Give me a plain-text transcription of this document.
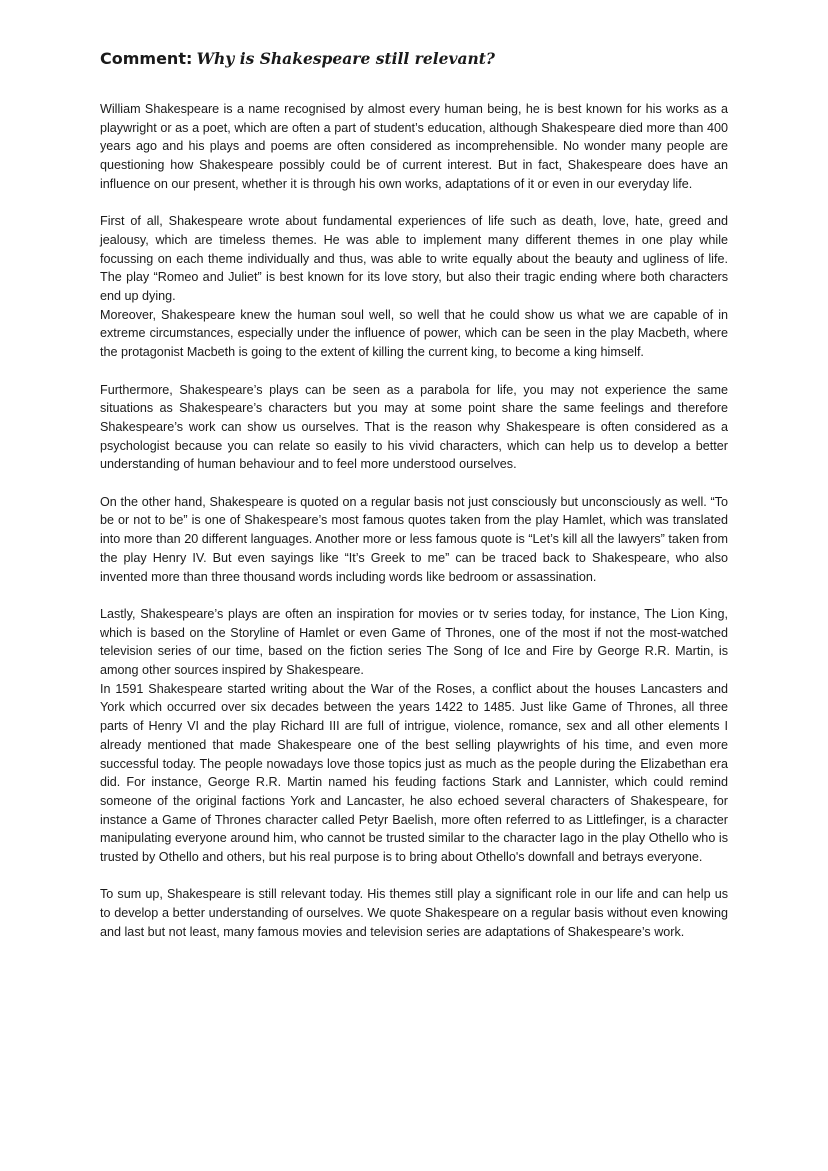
Comment: Why is Shakespeare still relevant?

William Shakespeare is a name recognised by almost every human being, he is best known for his works as a playwright or as a poet, which are often a part of student’s education, although Shakespeare died more than 400 years ago and his plays and poems are often considered as incomprehensible. No wonder many people are questioning how Shakespeare possibly could be of current interest. But in fact, Shakespeare does have an influence on our present, whether it is through his own works, adaptations of it or even in our everyday life.

First of all, Shakespeare wrote about fundamental experiences of life such as death, love, hate, greed and jealousy, which are timeless themes. He was able to implement many different themes in one play while focussing on each theme individually and thus, was able to write equally about the beauty and ugliness of life. The play “Romeo and Juliet” is best known for its love story, but also their tragic ending where both characters end up dying.

Moreover, Shakespeare knew the human soul well, so well that he could show us what we are capable of in extreme circumstances, especially under the influence of power, which can be seen in the play Macbeth, where the protagonist Macbeth is going to the extent of killing the current king, to become a king himself.

Furthermore, Shakespeare’s plays can be seen as a parabola for life, you may not experience the same situations as Shakespeare’s characters but you may at some point share the same feelings and therefore Shakespeare’s work can show us ourselves. That is the reason why Shakespeare is often considered as a psychologist because you can relate so easily to his vivid characters, which can help us to develop a better understanding of human behaviour and to feel more understood ourselves.

On the other hand, Shakespeare is quoted on a regular basis not just consciously but unconsciously as well. “To be or not to be” is one of Shakespeare’s most famous quotes taken from the play Hamlet, which was translated into more than 20 different languages. Another more or less famous quote is “Let’s kill all the lawyers” taken from the play Henry IV. But even sayings like “It’s Greek to me” can be traced back to Shakespeare, who also invented more than three thousand words including words like bedroom or assassination.

Lastly, Shakespeare’s plays are often an inspiration for movies or tv series today, for instance, The Lion King, which is based on the Storyline of Hamlet or even Game of Thrones, one of the most if not the most-watched television series of our time, based on the fiction series The Song of Ice and Fire by George R.R. Martin, is among other sources inspired by Shakespeare.

In 1591 Shakespeare started writing about the War of the Roses, a conflict about the houses Lancasters and York which occurred over six decades between the years 1422 to 1485. Just like Game of Thrones, all three parts of Henry VI and the play Richard III are full of intrigue, violence, romance, sex and all other elements I already mentioned that made Shakespeare one of the best selling playwrights of his time, and even more successful today. The people nowadays love those topics just as much as the people during the Elizabethan era did. For instance, George R.R. Martin named his feuding factions Stark and Lannister, which could remind someone of the original factions York and Lancaster, he also echoed several characters of Shakespeare, for instance a Game of Thrones character called Petyr Baelish, more often referred to as Littlefinger, is a character manipulating everyone around him, who cannot be trusted similar to the character Iago in the play Othello who is trusted by Othello and others, but his real purpose is to bring about Othello's downfall and betrays everyone.

To sum up, Shakespeare is still relevant today. His themes still play a significant role in our life and can help us to develop a better understanding of ourselves. We quote Shakespeare on a regular basis without even knowing and last but not least, many famous movies and television series are adaptations of Shakespeare’s work.
